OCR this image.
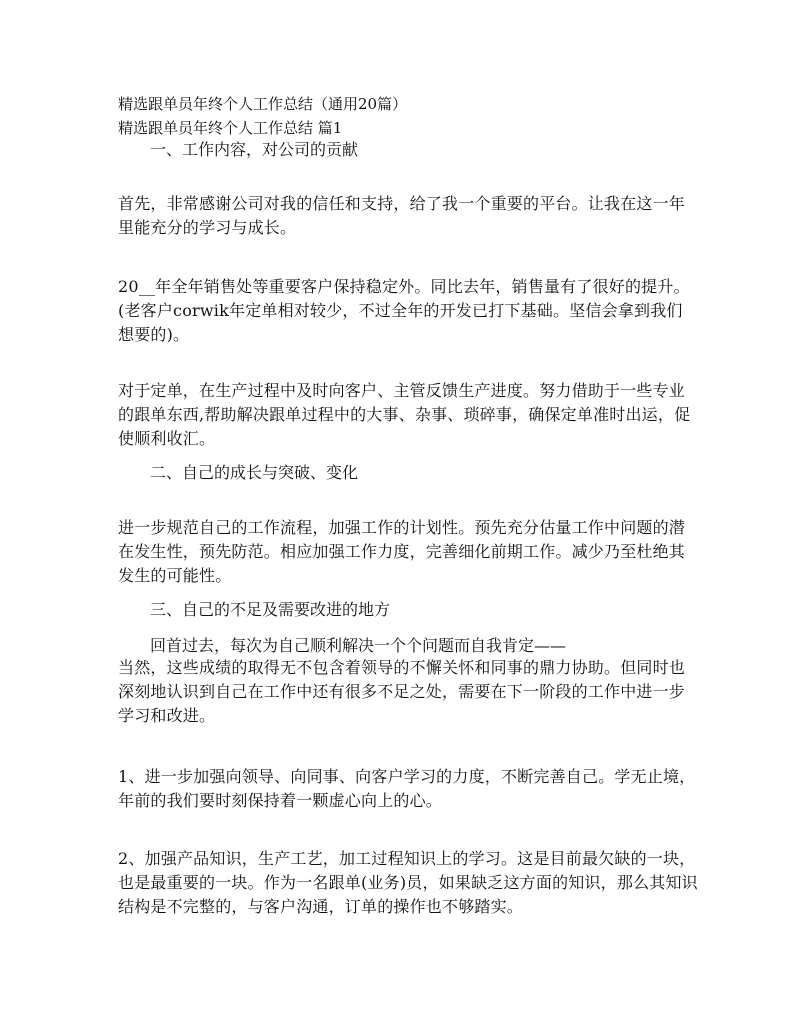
精选跟单员年终个人工作总结（通用20篇）
精选跟单员年终个人工作总结 篇1
一、工作内容，对公司的贡献
首先，非常感谢公司对我的信任和支持，给了我一个重要的平台。让我在这一年里能充分的学习与成长。
20__年全年销售处等重要客户保持稳定外。同比去年，销售量有了很好的提升。(老客户corwik年定单相对较少，不过全年的开发已打下基础。坚信会拿到我们想要的)。
对于定单，在生产过程中及时向客户、主管反馈生产进度。努力借助于一些专业的跟单东西,帮助解决跟单过程中的大事、杂事、琐碎事，确保定单准时出运，促使顺利收汇。
二、自己的成长与突破、变化
进一步规范自己的工作流程，加强工作的计划性。预先充分估量工作中问题的潜在发生性，预先防范。相应加强工作力度，完善细化前期工作。减少乃至杜绝其发生的可能性。
三、自己的不足及需要改进的地方
回首过去，每次为自己顺利解决一个个问题而自我肯定——
当然，这些成绩的取得无不包含着领导的不懈关怀和同事的鼎力协助。但同时也深刻地认识到自己在工作中还有很多不足之处，需要在下一阶段的工作中进一步学习和改进。
1、进一步加强向领导、向同事、向客户学习的力度，不断完善自己。学无止境，年前的我们要时刻保持着一颗虚心向上的心。
2、加强产品知识，生产工艺，加工过程知识上的学习。这是目前最欠缺的一块，也是最重要的一块。作为一名跟单(业务)员，如果缺乏这方面的知识，那么其知识结构是不完整的，与客户沟通，订单的操作也不够踏实。
